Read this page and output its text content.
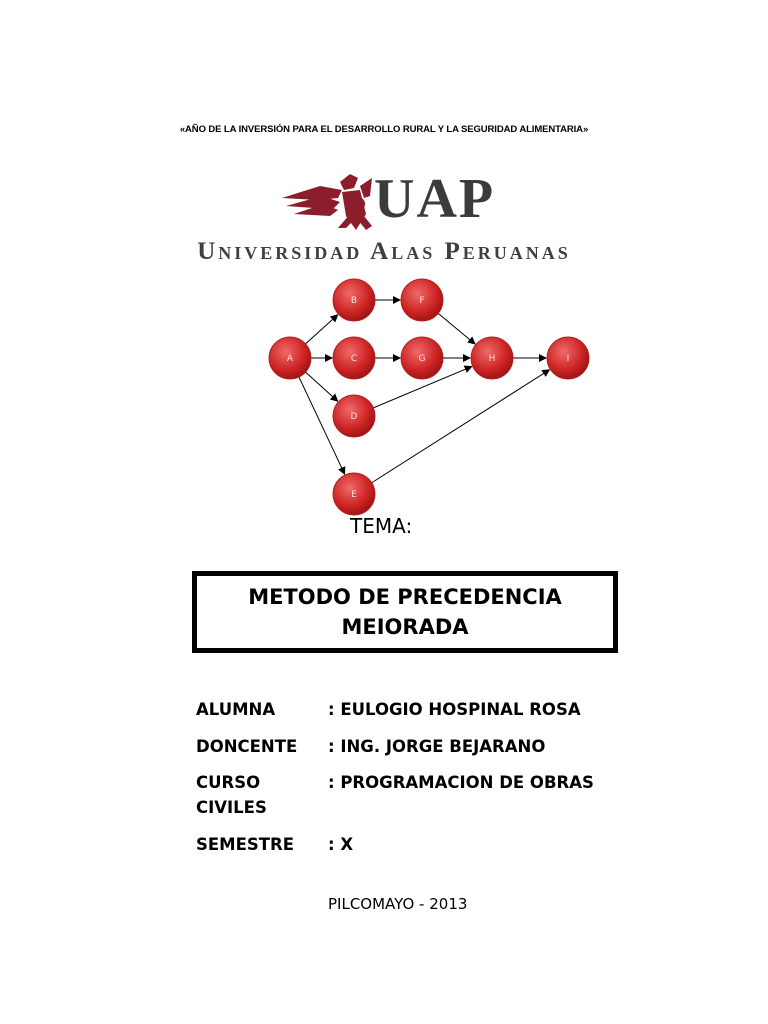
«AÑO DE LA INVERSIÓN PARA EL DESARROLLO RURAL Y LA SEGURIDAD ALIMENTARIA»
UAP
Universidad Alas Peruanas
A
B
C
D
E
F
G	H	I
TEMA:
METODO DE PRECEDENCIA
MEIORADA
ALUMNA	: EULOGIO HOSPINAL ROSA
DONCENTE : ING. JORGE BEJARANO
CURSO	: PROGRAMACION DE OBRAS
CIVILES
SEMESTRE : X
PILCOMAYO - 2013
